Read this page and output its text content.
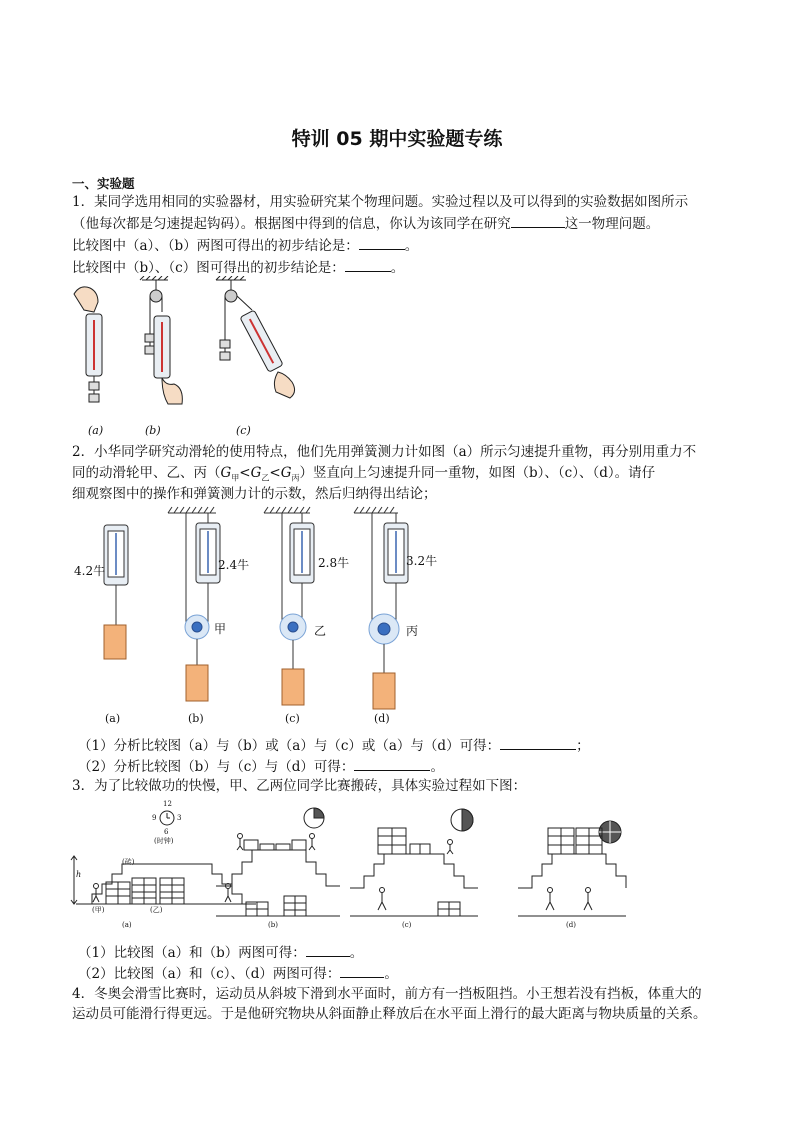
特训 05 期中实验题专练
一、实验题
1．某同学选用相同的实验器材，用实验研究某个物理问题。实验过程以及可以得到的实验数据如图所示
（他每次都是匀速提起钩码）。根据图中得到的信息，你认为该同学在研究	这一物理问题。
比较图中（a）、（b）两图可得出的初步结论是：	。
比较图中（b）、（c）图可得出的初步结论是：	。
(a)	(b)	(c)
2．小华同学研究动滑轮的使用特点，他们先用弹簧测力计如图（a）所示匀速提升重物，再分别用重力不
同的动滑轮甲、乙、丙$(G_甲<G_乙<G_丙)$竖直向上匀速提升同一重物，如图（b）、（c）、（d）。请仔
细观察图中的操作和弹簧测力计的示数，然后归纳得出结论；
4.2牛	2.4牛	2.8牛	3.2牛
甲	乙	丙
(a)	(b)	(c)	(d)
（1）分析比较图（a）与（b）或（a）与（c）或（a）与（d）可得：	；
（2）分析比较图（b）与（c）与（d）可得：	。
3．为了比较做功的快慢，甲、乙两位同学比赛搬砖，具体实验过程如下图：
12
3
6
9
(时钟)
(砖)
h
(甲)	(乙)
(a)	(b)	(c)	(d)
（1）比较图（a）和（b）两图可得：	。
（2）比较图（a）和（c）、（d）两图可得：	。
4．冬奥会滑雪比赛时，运动员从斜坡下滑到水平面时，前方有一挡板阻挡。小王想若没有挡板，体重大的
运动员可能滑行得更远。于是他研究物块从斜面静止释放后在水平面上滑行的最大距离与物块质量的关系。
